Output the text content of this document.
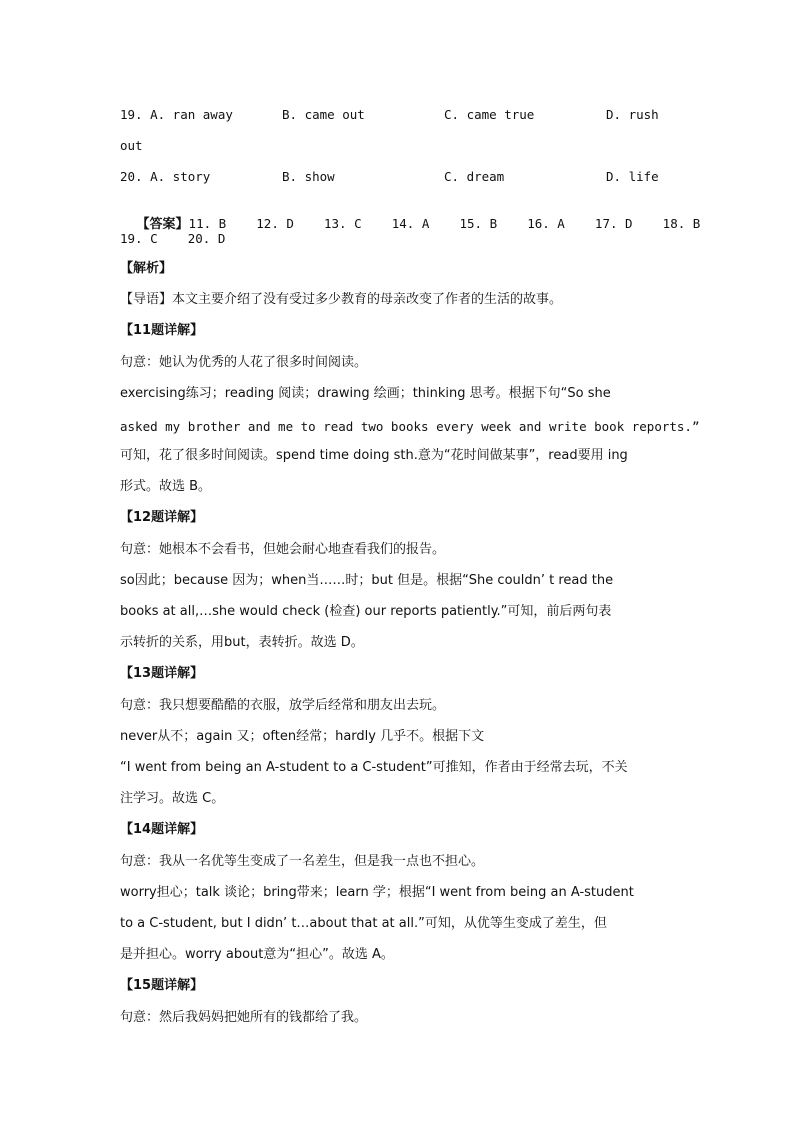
19. A. ran away	B. came out	C. came true	D. rush
out
20. A. story	B. show	C. dream	D. life

【答案】11. B    12. D    13. C    14. A    15. B    16. A    17. D    18. B

19. C    20. D
【解析】
【导语】本文主要介绍了没有受过多少教育的母亲改变了作者的生活的故事。
【11题详解】
句意：她认为优秀的人花了很多时间阅读。
exercising练习；reading 阅读；drawing 绘画；thinking 思考。根据下句“So she
asked my brother and me to read two books every week and write book reports.”
可知，花了很多时间阅读。spend time doing sth.意为“花时间做某事”，read要用 ing
形式。故选 B。
【12题详解】
句意：她根本不会看书，但她会耐心地查看我们的报告。
so因此；because 因为；when当……时；but 但是。根据“She couldn’ t read the
books at all,…she would check (检查) our reports patiently.”可知，前后两句表
示转折的关系，用but，表转折。故选 D。
【13题详解】
句意：我只想要酷酷的衣服，放学后经常和朋友出去玩。
never从不；again 又；often经常；hardly 几乎不。根据下文
“I went from being an A-student to a C-student”可推知，作者由于经常去玩，不关
注学习。故选 C。
【14题详解】
句意：我从一名优等生变成了一名差生，但是我一点也不担心。
worry担心；talk 谈论；bring带来；learn 学；根据“I went from being an A-student
to a C-student, but I didn’ t…about that at all.”可知，从优等生变成了差生，但
是并担心。worry about意为“担心”。故选 A。
【15题详解】
句意：然后我妈妈把她所有的钱都给了我。
